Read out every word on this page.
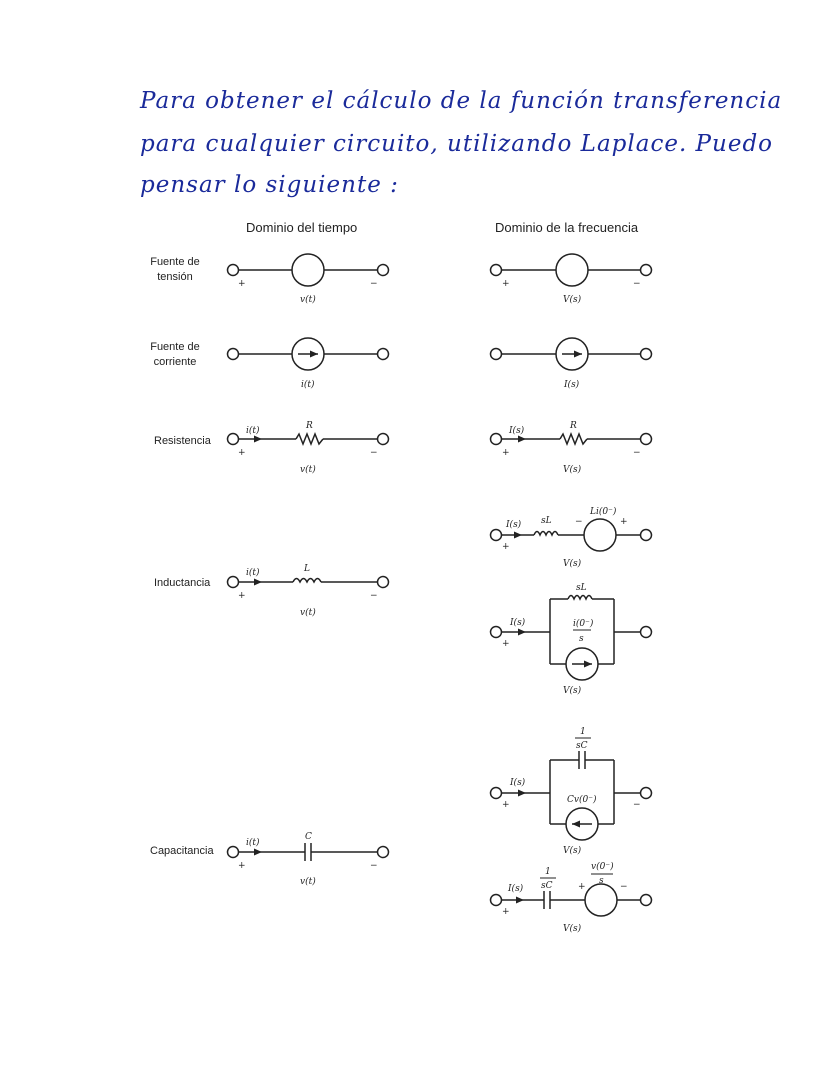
Para obtener el cálculo de la función transferencia
para cualquier circuito, utilizando Laplace. Puedo
pensar lo siguiente :
Dominio del tiempo	Dominio de la frecuencia
Fuente de
tensión
Fuente de
corriente
Resistencia
Inductancia
Capacitancia
+	−
v(t)
+	−
V(s)
i(t)	I(s)
i(t)	R
+	−
v(t)
I(s)	R
+	−
V(s)
I(s) sL	−
Li(0⁻)
+
+
V(s)
i(t)	L
+	−
v(t)
sL
I(s)	i(0⁻)
s
+
V(s)
1
sC
I(s)
Cv(0⁻)
+	−
V(s)
i(t)
C
+	−
v(t)
1
sC
v(0⁻)
s
+	−
I(s)
+
V(s)
